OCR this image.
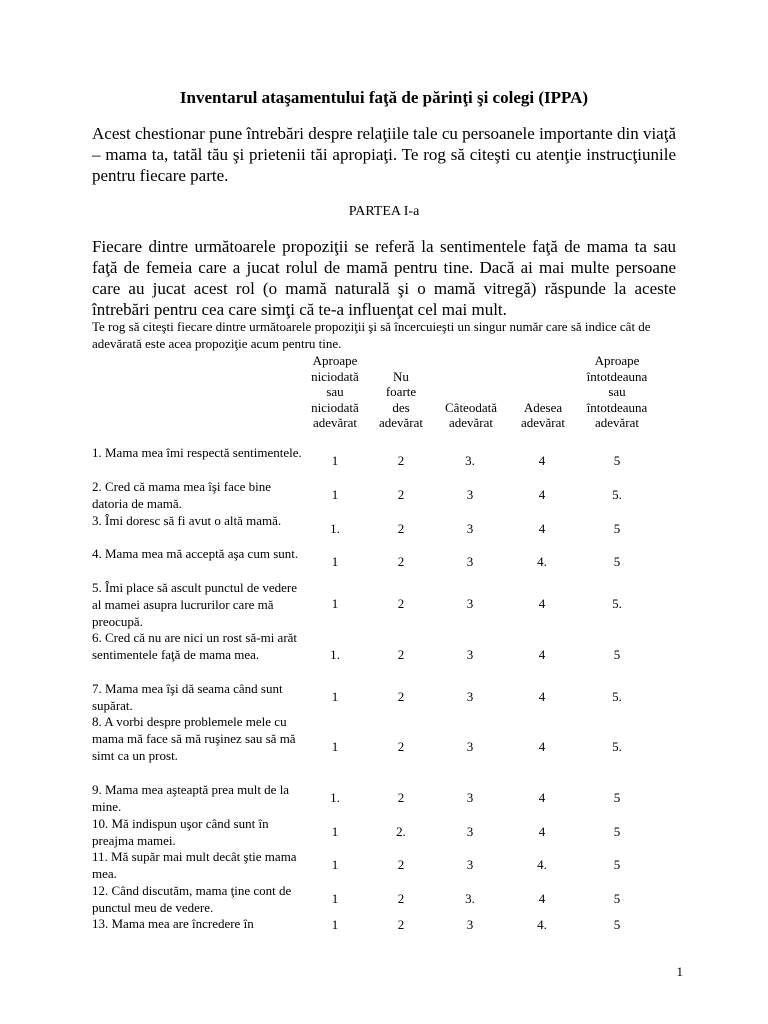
Inventarul ataşamentului faţă de părinţi şi colegi (IPPA)
Acest chestionar pune întrebări despre relaţiile tale cu persoanele importante din viaţă – mama ta, tatăl tău şi prietenii tăi apropiaţi. Te rog să citeşti cu atenţie instrucţiunile pentru fiecare parte.
PARTEA I-a
Fiecare dintre următoarele propoziţii se referă la sentimentele faţă de mama ta sau faţă de femeia care a jucat rolul de mamă pentru tine. Dacă ai mai multe persoane care au jucat acest rol (o mamă naturală şi o mamă vitregă) răspunde la aceste întrebări pentru cea care simţi că te-a influenţat cel mai mult.
Te rog să citeşti fiecare dintre următoarele propoziţii şi să încercuieşti un singur număr care să indice cât de adevărată este acea propoziţie acum pentru tine.
Aproape
niciodată
sau
niciodată
adevărat
Nu
foarte
des
adevărat
Câteodată
adevărat
Adesea
adevărat
Aproape
întotdeauna
sau
întotdeauna
adevărat
1. Mama mea îmi respectă sentimentele.
1	2	3.	4	5
2. Cred că mama mea îşi face bine datoria de mamă.
1	2	3	4	5.
3. Îmi doresc să fi avut o altă mamă.	1.	2	3	4	5
4. Mama mea mă acceptă aşa cum sunt.
1	2	3	4.	5
5. Îmi place să ascult punctul de vedere al mamei asupra lucrurilor care mă preocupă.
1	2	3	4	5.
6. Cred că nu are nici un rost să-mi arăt sentimentele faţă de mama mea.	1.	2	3	4	5
7. Mama mea îşi dă seama când sunt supărat.
1	2	3	4	5.
8. A vorbi despre problemele mele cu mama mă face să mă ruşinez sau să mă simt ca un prost.
1	2	3	4	5.
9. Mama mea aşteaptă prea mult de la mine.
1.	2	3	4	5
10. Mă indispun uşor când sunt în preajma mamei.
1	2.	3	4	5
11. Mă supăr mai mult decât ştie mama mea.
1	2	3	4.	5
12. Când discutăm, mama ţine cont de punctul meu de vedere.
1	2	3.	4	5
13. Mama mea are încredere în	1	2	3	4.	5
1
